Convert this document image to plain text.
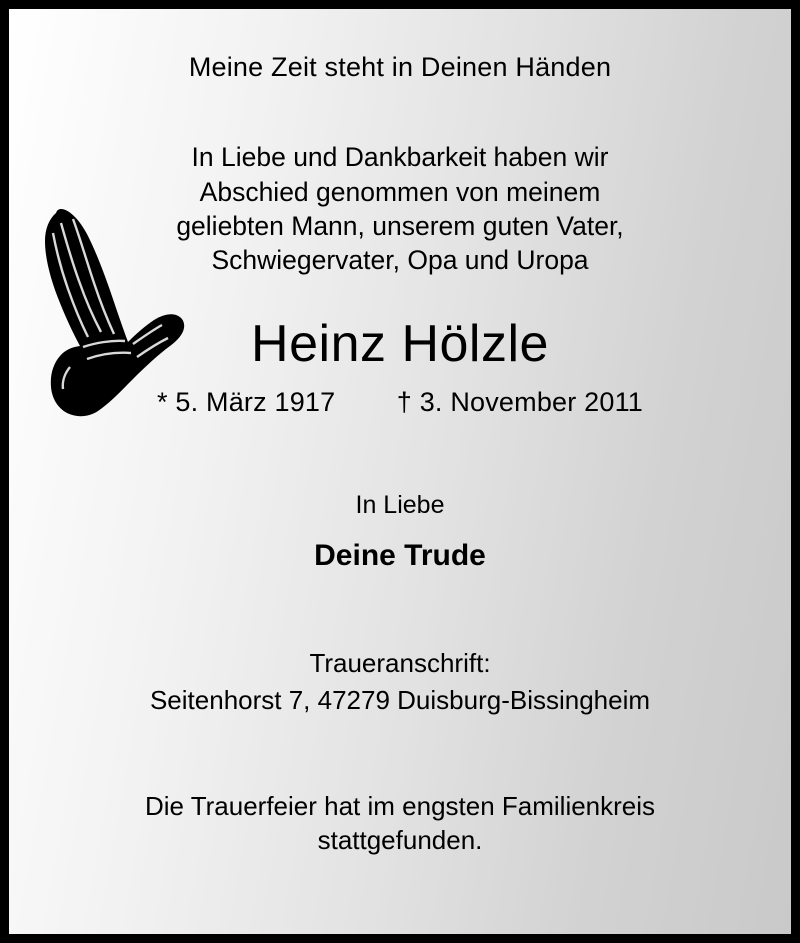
Meine Zeit steht in Deinen Händen
In Liebe und Dankbarkeit haben wir
Abschied genommen von meinem
geliebten Mann, unserem guten Vater,
Schwiegervater, Opa und Uropa
Heinz Hölzle
* 5. März 1917 † 3. November 2011
In Liebe
Deine Trude
Traueranschrift:
Seitenhorst 7, 47279 Duisburg-Bissingheim
Die Trauerfeier hat im engsten Familienkreis
stattgefunden.
